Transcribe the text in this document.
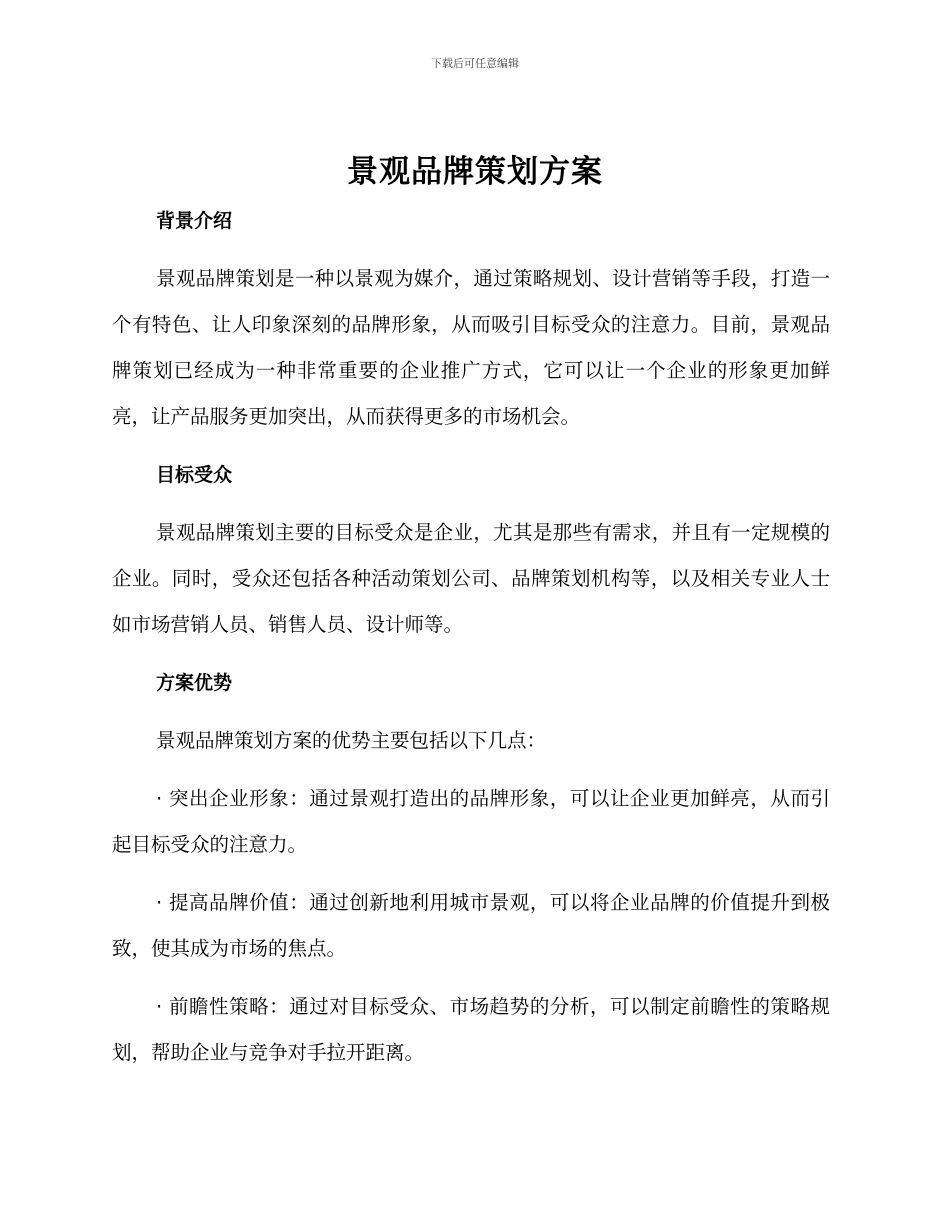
下载后可任意编辑
景观品牌策划方案
背景介绍

景观品牌策划是一种以景观为媒介，通过策略规划、设计营销等手段，打造一个有特色、让人印象深刻的品牌形象，从而吸引目标受众的注意力。目前，景观品牌策划已经成为一种非常重要的企业推广方式，它可以让一个企业的形象更加鲜亮，让产品服务更加突出，从而获得更多的市场机会。

目标受众

景观品牌策划主要的目标受众是企业，尤其是那些有需求，并且有一定规模的企业。同时，受众还包括各种活动策划公司、品牌策划机构等，以及相关专业人士如市场营销人员、销售人员、设计师等。

方案优势

景观品牌策划方案的优势主要包括以下几点：

· 突出企业形象：通过景观打造出的品牌形象，可以让企业更加鲜亮，从而引起目标受众的注意力。

· 提高品牌价值：通过创新地利用城市景观，可以将企业品牌的价值提升到极致，使其成为市场的焦点。

· 前瞻性策略：通过对目标受众、市场趋势的分析，可以制定前瞻性的策略规划，帮助企业与竞争对手拉开距离。
